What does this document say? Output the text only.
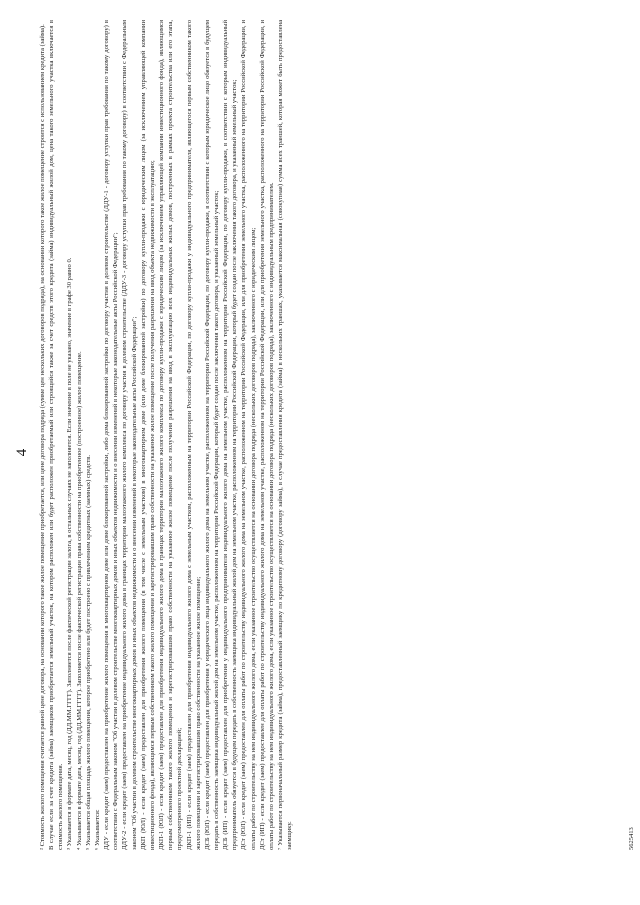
4 ² Стоимость жилого помещения считается равной цене договора, на основании которого такое жилое помещение приобретается, или цене договора подряда (сумме цен нескольких договоров подряда), на основании которого такое жилое помещение строится с использованием кредита (займа). В случае если за счет кредита (займа) заемщиком приобретается земельный участок, на котором расположен или будет расположен приобретаемый или строящийся также за счет средств этого кредита (займа) индивидуальный жилой дом, цена такого земельного участка включается в стоимость жилого помещения. ³ Указывается в формате дата, месяц, год (ДД.ММ.ГГГГ). Заполняется после фактической регистрации залога, в остальных случаях не заполняется. Если значение в поле не указано, значение в графе 30 равно 0. ⁴ Указывается в формате дата, месяц, год (ДД.ММ.ГГГГ). Заполняется после фактической регистрации права собственности на приобретенное (построенное) жилое помещение. ⁵ Указывается общая площадь жилого помещения, которое приобретено или будет построено с привлечением кредитных (заемных) средств. ⁶ Указывается: ДДУ - если кредит (заем) предоставлен на приобретение жилого помещения в многоквартирном доме или доме блокированной застройки, либо дома блокированной застройки по договору участия в долевом строительстве (ДДУ-1 - договору уступки прав требования по такому договору) в соответствии с Федеральным законом "Об участии в долевом строительстве многоквартирных домов и иных объектов недвижимости и о внесении изменений в некоторые законодательные акты Российской Федерации"; ДДУ-2 - если кредит (заем) предоставлен на приобретение индивидуального жилого дома в границах территории малоэтажного жилого комплекса по договору участия в долевом строительстве (ДДУ-3 - договору уступки прав требования по такому договору) в соответствии с Федеральным законом "Об участии в долевом строительстве многоквартирных домов и иных объектов недвижимости и о внесении изменений в некоторые законодательные акты Российской Федерации"; ДКП (ЮЛ) - если кредит (заем) предоставлен для приобретения жилого помещения (в том числе с земельным участком) в многоквартирном доме (или доме блокированной застройки) по договору купли-продажи с юридическим лицом (за исключением управляющей компании инвестиционного фонда), являющимся первым собственником такого жилого помещения и зарегистрировавшим право собственности на указанное жилое помещение после получения разрешения на ввод объекта недвижимости в эксплуатацию; ДКП-1 (ЮЛ) - если кредит (заем) предоставлен для приобретения индивидуального жилого дома в границах территории малоэтажного жилого комплекса по договору купли-продажи с юридическим лицом (за исключением управляющей компании инвестиционного фонда), являющимся первым собственником такого жилого помещения и зарегистрировавшим право собственности на указанное жилое помещение после получения разрешения на ввод в эксплуатацию всех индивидуальных жилых домов, построенных в рамках проекта строительства или его этапа, предусмотренного проектной декларацией; ДКП-1 (ИП) - если кредит (заем) предоставлен для приобретения индивидуального жилого дома с земельным участком, расположенным на территории Российской Федерации, по договору купли-продажи у индивидуального предпринимателя, являющегося первым собственником такого жилого помещения и зарегистрировавшим право собственности на указанное жилое помещение; ДСБ (ЮЛ) - если кредит (заем) предоставлен для приобретения у юридического лица индивидуального жилого дома на земельном участке, расположенном на территории Российской Федерации, по договору купли-продажи, в соответствии с которым юридическое лицо обязуется в будущем передать в собственность заемщика индивидуальный жилой дом на земельном участке, расположенном на территории Российской Федерации, который будет создан после заключения такого договора, и указанный земельный участок; ДСБ (ИП) - если кредит (заем) предоставлен для приобретения у индивидуального предпринимателя индивидуального жилого дома на земельном участке, расположенном на территории Российской Федерации, по договору купли-продажи, в соответствии с которым индивидуальный предприниматель обязуется в будущем передать в собственность заемщика индивидуальный жилой дом на земельном участке, расположенном на территории Российской Федерации, который будет создан после заключения такого договора, и указанный земельный участок; ДСт (ЮЛ) - если кредит (заем) предоставлен для оплаты работ по строительству индивидуального жилого дома на земельном участке, расположенном на территории Российской Федерации, или для приобретения земельного участка, расположенного на территории Российской Федерации, и оплаты работ по строительству на нем индивидуального жилого дома, если указанное строительство осуществляется на основании договора подряда (нескольких договоров подряда), заключенного с юридическим лицом; ДСт (ИП) - если кредит (заем) предоставлен для оплаты работ по строительству индивидуального жилого дома на земельном участке, расположенном на территории Российской Федерации, или для приобретения земельного участка, расположенного на территории Российской Федерации, и оплаты работ по строительству на нем индивидуального жилого дома, если указанное строительство осуществляется на основании договора подряда (нескольких договоров подряда), заключенного с индивидуальным предпринимателем. ⁷ Указывается первоначальный размер кредита (займа), предоставленный заемщику по кредитному договору (договору займа), в случае предоставления кредита (займа) в нескольких траншах, указывается максимальная (совокупная) сумма всех траншей, которая может быть предоставлена заемщику.	5625413
